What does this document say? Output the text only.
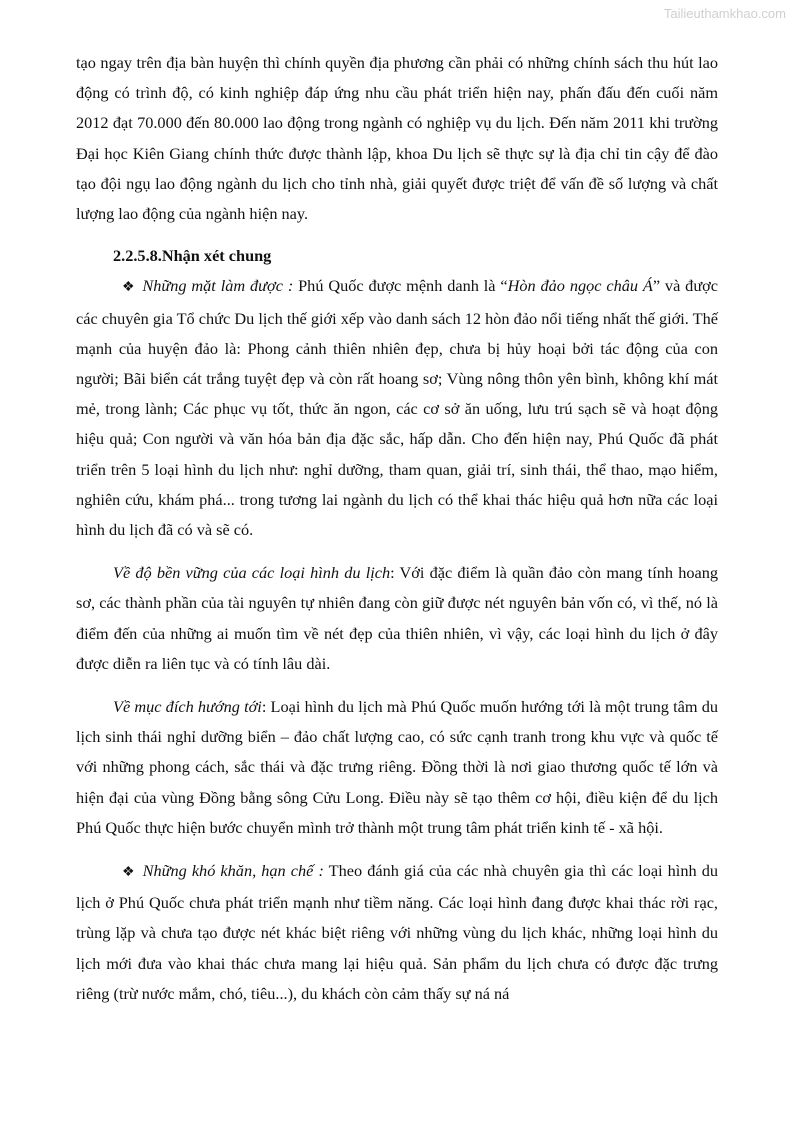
Tailieuthamkhao.com

tạo ngay trên địa bàn huyện thì chính quyền địa phương cần phải có những chính sách thu hút lao động có trình độ, có kinh nghiệp đáp ứng nhu cầu phát triển hiện nay, phấn đấu đến cuối năm 2012 đạt 70.000 đến 80.000 lao động trong ngành có nghiệp vụ du lịch. Đến năm 2011 khi trường Đại học Kiên Giang chính thức được thành lập, khoa Du lịch sẽ thực sự là địa chỉ tin cậy để đào tạo đội ngụ lao động ngành du lịch cho tỉnh nhà, giải quyết được triệt để vấn đề số lượng và chất lượng lao động của ngành hiện nay.

2.2.5.8.Nhận xét chung

❖ Những mặt làm được : Phú Quốc được mệnh danh là “Hòn đảo ngọc châu Á” và được các chuyên gia Tổ chức Du lịch thế giới xếp vào danh sách 12 hòn đảo nổi tiếng nhất thế giới. Thế mạnh của huyện đảo là: Phong cảnh thiên nhiên đẹp, chưa bị hủy hoại bởi tác động của con người; Bãi biển cát trắng tuyệt đẹp và còn rất hoang sơ; Vùng nông thôn yên bình, không khí mát mẻ, trong lành; Các phục vụ tốt, thức ăn ngon, các cơ sở ăn uống, lưu trú sạch sẽ và hoạt động hiệu quả; Con người và văn hóa bản địa đặc sắc, hấp dẫn. Cho đến hiện nay, Phú Quốc đã phát triển trên 5 loại hình du lịch như: nghỉ dưỡng, tham quan, giải trí, sinh thái, thể thao, mạo hiểm, nghiên cứu, khám phá... trong tương lai ngành du lịch có thể khai thác hiệu quả hơn nữa các loại hình du lịch đã có và sẽ có.

Về độ bền vững của các loại hình du lịch: Với đặc điểm là quần đảo còn mang tính hoang sơ, các thành phần của tài nguyên tự nhiên đang còn giữ được nét nguyên bản vốn có, vì thế, nó là điểm đến của những ai muốn tìm về nét đẹp của thiên nhiên, vì vậy, các loại hình du lịch ở đây được diễn ra liên tục và có tính lâu dài.

Về mục đích hướng tới: Loại hình du lịch mà Phú Quốc muốn hướng tới là một trung tâm du lịch sinh thái nghỉ dưỡng biển – đảo chất lượng cao, có sức cạnh tranh trong khu vực và quốc tế với những phong cách, sắc thái và đặc trưng riêng. Đồng thời là nơi giao thương quốc tế lớn và hiện đại của vùng Đồng bằng sông Cửu Long. Điều này sẽ tạo thêm cơ hội, điều kiện để du lịch Phú Quốc thực hiện bước chuyển mình trở thành một trung tâm phát triển kinh tế - xã hội.

❖ Những khó khăn, hạn chế : Theo đánh giá của các nhà chuyên gia thì các loại hình du lịch ở Phú Quốc chưa phát triển mạnh như tiềm năng. Các loại hình đang được khai thác rời rạc, trùng lặp và chưa tạo được nét khác biệt riêng với những vùng du lịch khác, những loại hình du lịch mới đưa vào khai thác chưa mang lại hiệu quả. Sản phẩm du lịch chưa có được đặc trưng riêng (trừ nước mắm, chó, tiêu...), du khách còn cảm thấy sự ná ná
